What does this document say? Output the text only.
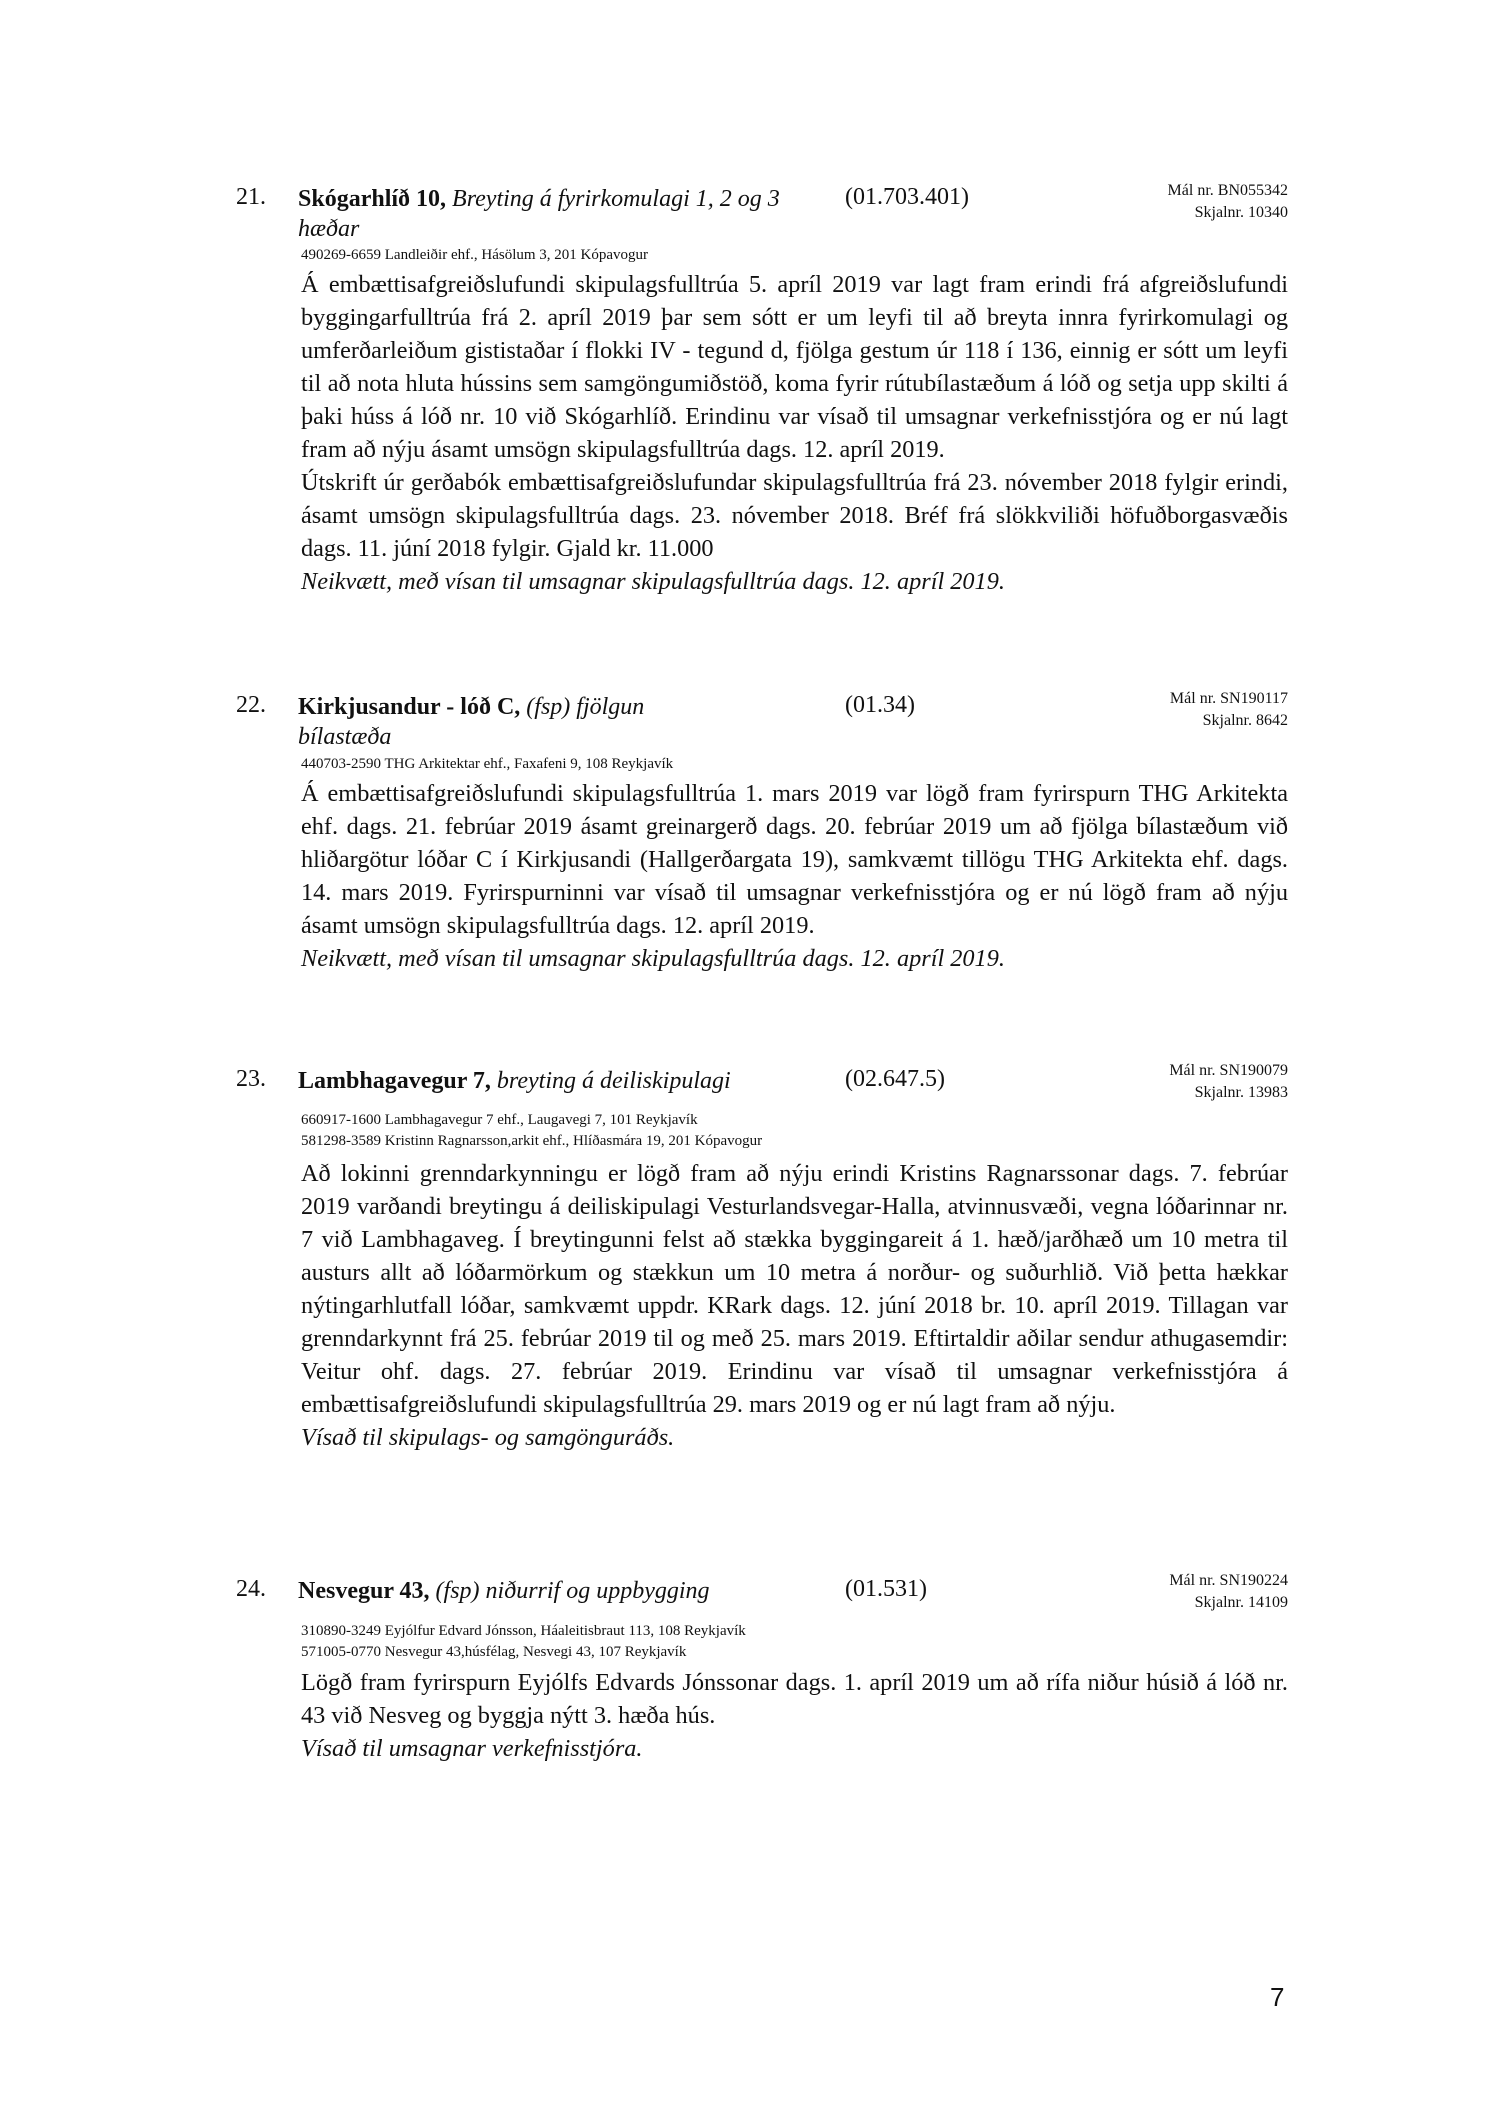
21. Skógarhlíð 10, Breyting á fyrirkomulagi 1, 2 og 3 hæðar
(01.703.401)	Mál nr. BN055342
Skjalnr. 10340
490269-6659 Landleiðir ehf., Hásölum 3, 201 Kópavogur
Á embættisafgreiðslufundi skipulagsfulltrúa 5. apríl 2019 var lagt fram erindi frá afgreiðslufundi byggingarfulltrúa frá 2. apríl 2019 þar sem sótt er um leyfi til að breyta innra fyrirkomulagi og umferðarleiðum gististaðar í flokki IV - tegund d, fjölga gestum úr 118 í 136, einnig er sótt um leyfi til að nota hluta hússins sem samgöngumiðstöð, koma fyrir rútubílastæðum á lóð og setja upp skilti á þaki húss á lóð nr. 10 við Skógarhlíð. Erindinu var vísað til umsagnar verkefnisstjóra og er nú lagt fram að nýju ásamt umsögn skipulagsfulltrúa dags. 12. apríl 2019.
Útskrift úr gerðabók embættisafgreiðslufundar skipulagsfulltrúa frá 23. nóvember 2018 fylgir erindi, ásamt umsögn skipulagsfulltrúa dags. 23. nóvember 2018. Bréf frá slökkviliði höfuðborgasvæðis dags. 11. júní 2018 fylgir. Gjald kr. 11.000
Neikvætt, með vísan til umsagnar skipulagsfulltrúa dags. 12. apríl 2019.
22. Kirkjusandur - lóð C, (fsp) fjölgun bílastæða
(01.34)	Mál nr. SN190117
Skjalnr. 8642
440703-2590 THG Arkitektar ehf., Faxafeni 9, 108 Reykjavík
Á embættisafgreiðslufundi skipulagsfulltrúa 1. mars 2019 var lögð fram fyrirspurn THG Arkitekta ehf. dags. 21. febrúar 2019 ásamt greinargerð dags. 20. febrúar 2019 um að fjölga bílastæðum við hliðargötur lóðar C í Kirkjusandi (Hallgerðargata 19), samkvæmt tillögu THG Arkitekta ehf. dags. 14. mars 2019. Fyrirspurninni var vísað til umsagnar verkefnisstjóra og er nú lögð fram að nýju ásamt umsögn skipulagsfulltrúa dags. 12. apríl 2019.
Neikvætt, með vísan til umsagnar skipulagsfulltrúa dags. 12. apríl 2019.
23. Lambhagavegur 7, breyting á deiliskipulagi	(02.647.5)	Mál nr. SN190079
Skjalnr. 13983
660917-1600 Lambhagavegur 7 ehf., Laugavegi 7, 101 Reykjavík
581298-3589 Kristinn Ragnarsson,arkit ehf., Hlíðasmára 19, 201 Kópavogur
Að lokinni grenndarkynningu er lögð fram að nýju erindi Kristins Ragnarssonar dags. 7. febrúar 2019 varðandi breytingu á deiliskipulagi Vesturlandsvegar-Halla, atvinnusvæði, vegna lóðarinnar nr. 7 við Lambhagaveg. Í breytingunni felst að stækka byggingareit á 1. hæð/jarðhæð um 10 metra til austurs allt að lóðarmörkum og stækkun um 10 metra á norður- og suðurhlið. Við þetta hækkar nýtingarhlutfall lóðar, samkvæmt uppdr. KRark dags. 12. júní 2018 br. 10. apríl 2019. Tillagan var grenndarkynnt frá 25. febrúar 2019 til og með 25. mars 2019. Eftirtaldir aðilar sendur athugasemdir: Veitur ohf. dags. 27. febrúar 2019. Erindinu var vísað til umsagnar verkefnisstjóra á embættisafgreiðslufundi skipulagsfulltrúa 29. mars 2019 og er nú lagt fram að nýju.
Vísað til skipulags- og samgönguráðs.
24. Nesvegur 43, (fsp) niðurrif og uppbygging	(01.531)	Mál nr. SN190224
Skjalnr. 14109
310890-3249 Eyjólfur Edvard Jónsson, Háaleitisbraut 113, 108 Reykjavík
571005-0770 Nesvegur 43,húsfélag, Nesvegi 43, 107 Reykjavík
Lögð fram fyrirspurn Eyjólfs Edvards Jónssonar dags. 1. apríl 2019 um að rífa niður húsið á lóð nr. 43 við Nesveg og byggja nýtt 3. hæða hús.
Vísað til umsagnar verkefnisstjóra.
7
